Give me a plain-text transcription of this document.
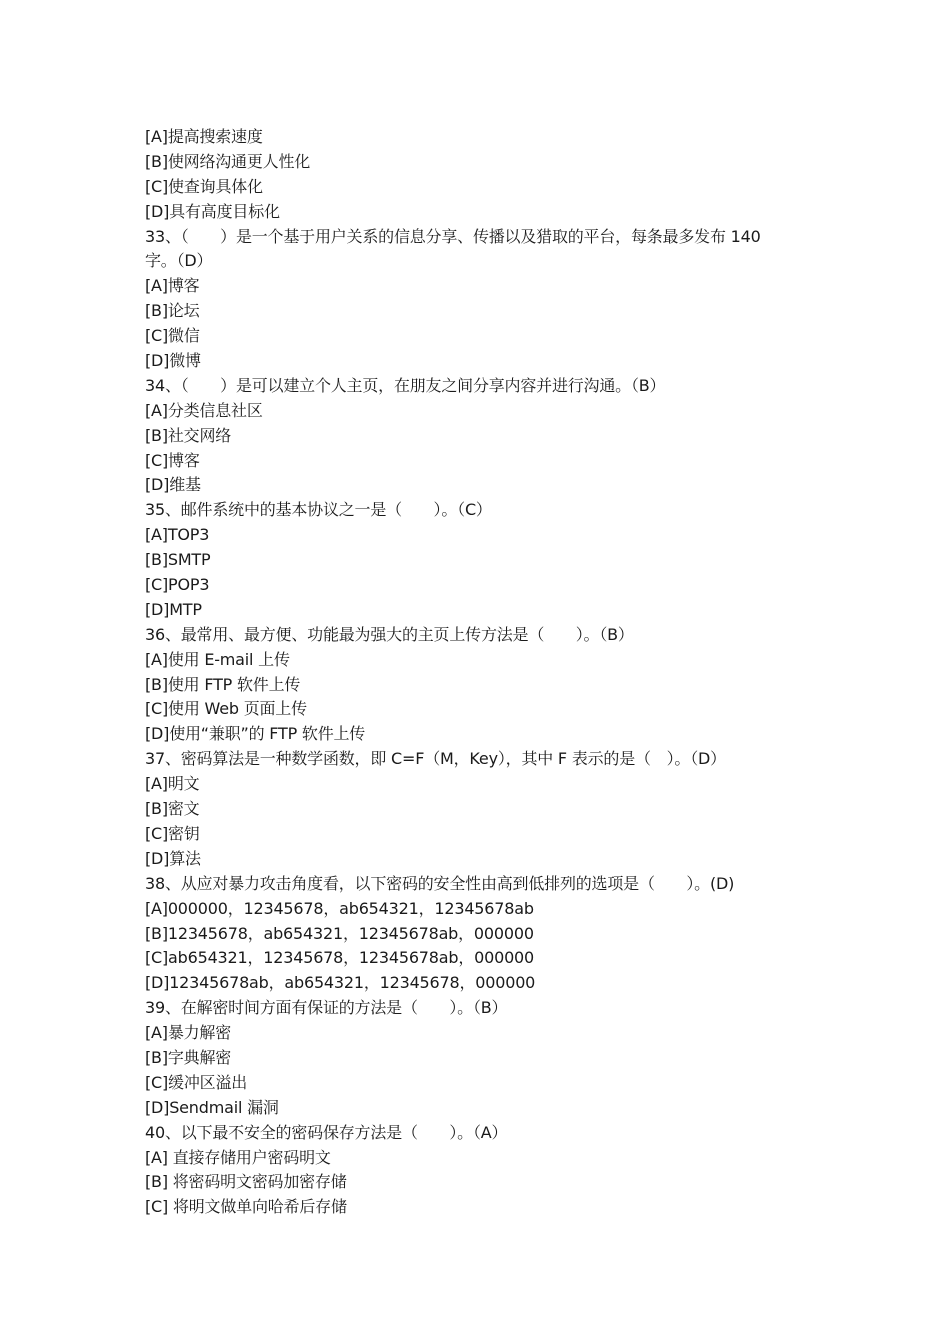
[A]提高搜索速度
[B]使网络沟通更人性化
[C]使查询具体化
[D]具有高度目标化
33、（　　）是一个基于用户关系的信息分享、传播以及猎取的平台，每条最多发布 140
字。（D）
[A]博客
[B]论坛
[C]微信
[D]微博
34、（　　）是可以建立个人主页，在朋友之间分享内容并进行沟通。（B）
[A]分类信息社区
[B]社交网络
[C]博客
[D]维基
35、邮件系统中的基本协议之一是（　　）。（C）
[A]TOP3
[B]SMTP
[C]POP3
[D]MTP
36、最常用、最方便、功能最为强大的主页上传方法是（　　）。（B）
[A]使用 E-mail 上传
[B]使用 FTP 软件上传
[C]使用 Web 页面上传
[D]使用“兼职”的 FTP 软件上传
37、密码算法是一种数学函数，即 C=F（M，Key），其中 F 表示的是（　）。（D）
[A]明文
[B]密文
[C]密钥
[D]算法
38、从应对暴力攻击角度看，以下密码的安全性由高到低排列的选项是（　　）。(D)
[A]000000，12345678，ab654321，12345678ab
[B]12345678，ab654321，12345678ab，000000
[C]ab654321，12345678，12345678ab，000000
[D]12345678ab，ab654321，12345678，000000
39、在解密时间方面有保证的方法是（　　）。（B）
[A]暴力解密
[B]字典解密
[C]缓冲区溢出
[D]Sendmail 漏洞
40、以下最不安全的密码保存方法是（　　）。（A）
[A] 直接存储用户密码明文
[B] 将密码明文密码加密存储
[C] 将明文做单向哈希后存储
